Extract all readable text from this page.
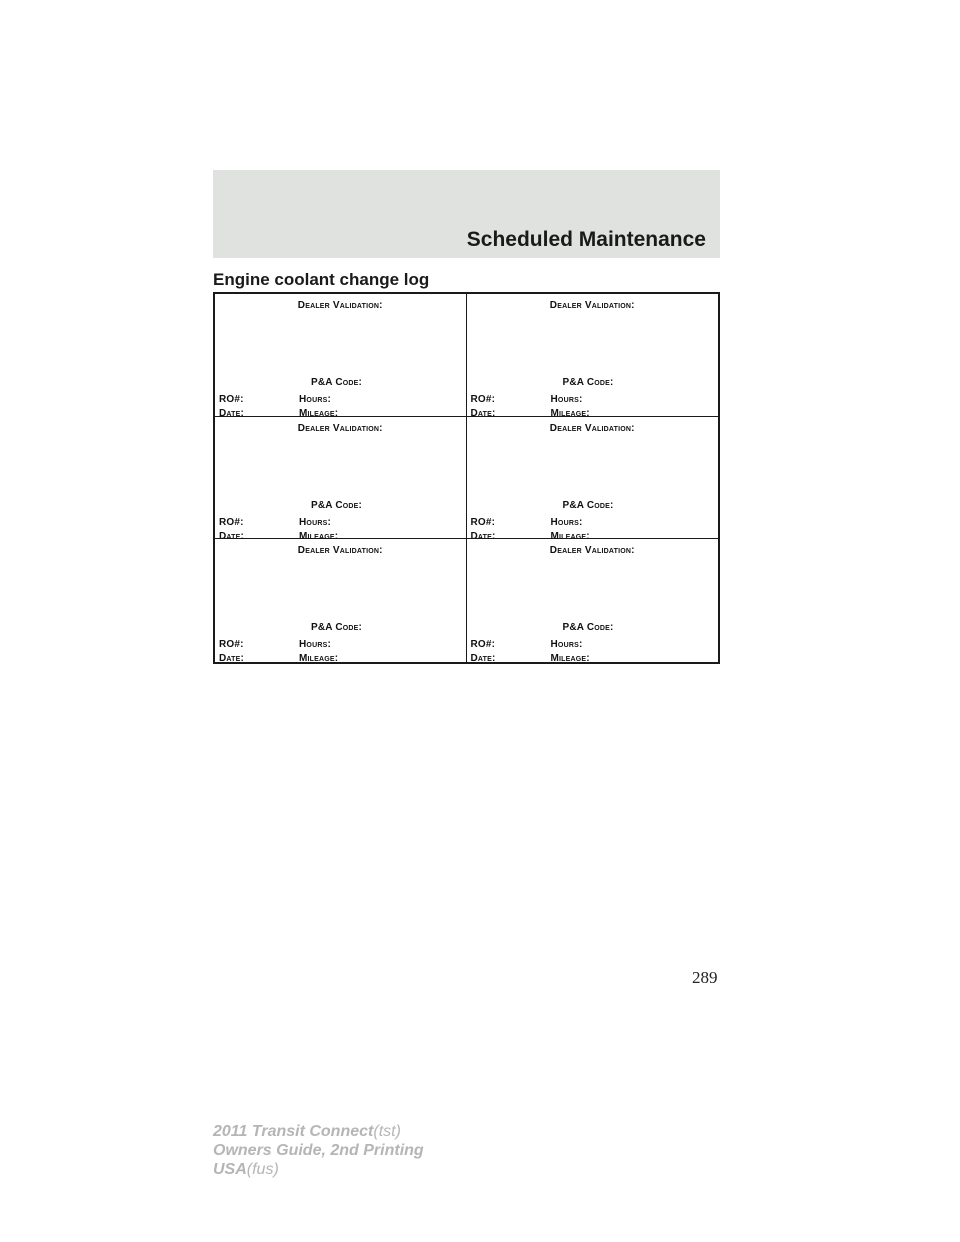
Scheduled Maintenance
Engine coolant change log
Dealer Validation:
P&A Code:
RO#:	Hours:
Date:	Mileage:
Dealer Validation:
P&A Code:
RO#:	Hours:
Date:	Mileage:
Dealer Validation:
P&A Code:
RO#:	Hours:
Date:	Mileage:
Dealer Validation:
P&A Code:
RO#:	Hours:
Date:	Mileage:
Dealer Validation:
P&A Code:
RO#:	Hours:
Date:	Mileage:
Dealer Validation:
P&A Code:
RO#:	Hours:
Date:	Mileage:
289
2011 Transit Connect(tst)
Owners Guide, 2nd Printing
USA(fus)
